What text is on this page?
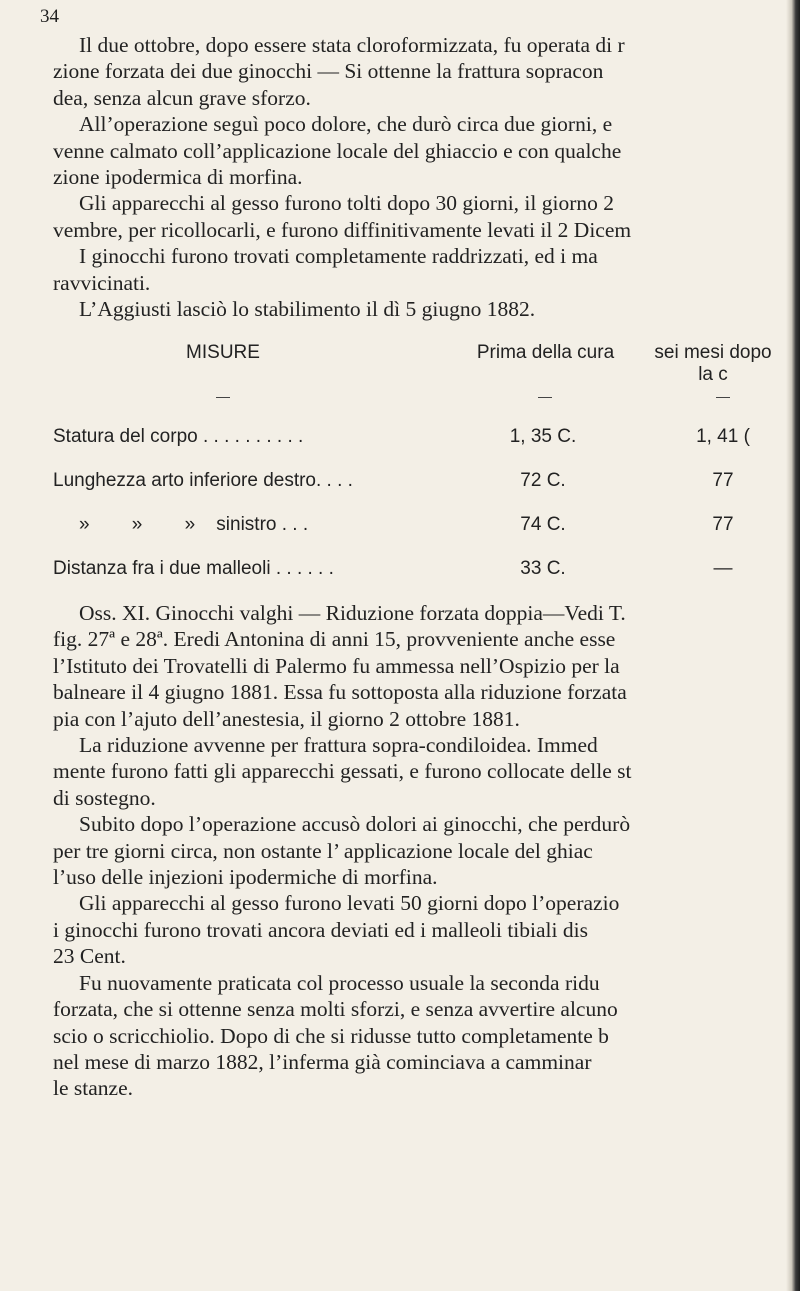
34
Il due ottobre, dopo essere stata cloroformizzata, fu operata di r
zione forzata dei due ginocchi — Si ottenne la frattura sopracon
dea, senza alcun grave sforzo.
All’operazione seguì poco dolore, che durò circa due giorni, e
venne calmato coll’applicazione locale del ghiaccio e con qualche
zione ipodermica di morfina.
Gli apparecchi al gesso furono tolti dopo 30 giorni, il giorno 2
vembre, per ricollocarli, e furono diffinitivamente levati il 2 Dicem
I ginocchi furono trovati completamente raddrizzati, ed i ma
ravvicinati.
L’Aggiusti lasciò lo stabilimento il dì 5 giugno 1882.
MISURE	Prima della cura	sei mesi dopo la c
Statura del corpo . . . . . . . . . .	1, 35 C.	1, 41 (
Lunghezza arto inferiore destro. . . .	72 C.	77
»        »        »    sinistro . . .	74 C.	77
Distanza fra i due malleoli . . . . . .	33 C.	—
Oss. XI. Ginocchi valghi — Riduzione forzata doppia—Vedi T.
fig. 27ª e 28ª. Eredi Antonina di anni 15, provveniente anche esse
l’Istituto dei Trovatelli di Palermo fu ammessa nell’Ospizio per la
balneare il 4 giugno 1881. Essa fu sottoposta alla riduzione forzata
pia con l’ajuto dell’anestesia, il giorno 2 ottobre 1881.
La riduzione avvenne per frattura sopra-condiloidea. Immed
mente furono fatti gli apparecchi gessati, e furono collocate delle st
di sostegno.
Subito dopo l’operazione accusò dolori ai ginocchi, che perdurò
per tre giorni circa, non ostante l’ applicazione locale del ghiac
l’uso delle injezioni ipodermiche di morfina.
Gli apparecchi al gesso furono levati 50 giorni dopo l’operazio
i ginocchi furono trovati ancora deviati ed i malleoli tibiali dis
23 Cent.
Fu nuovamente praticata col processo usuale la seconda ridu
forzata, che si ottenne senza molti sforzi, e senza avvertire alcuno
scio o scricchiolio. Dopo di che si ridusse tutto completamente b
nel mese di marzo 1882, l’inferma già cominciava a camminar
le stanze.
